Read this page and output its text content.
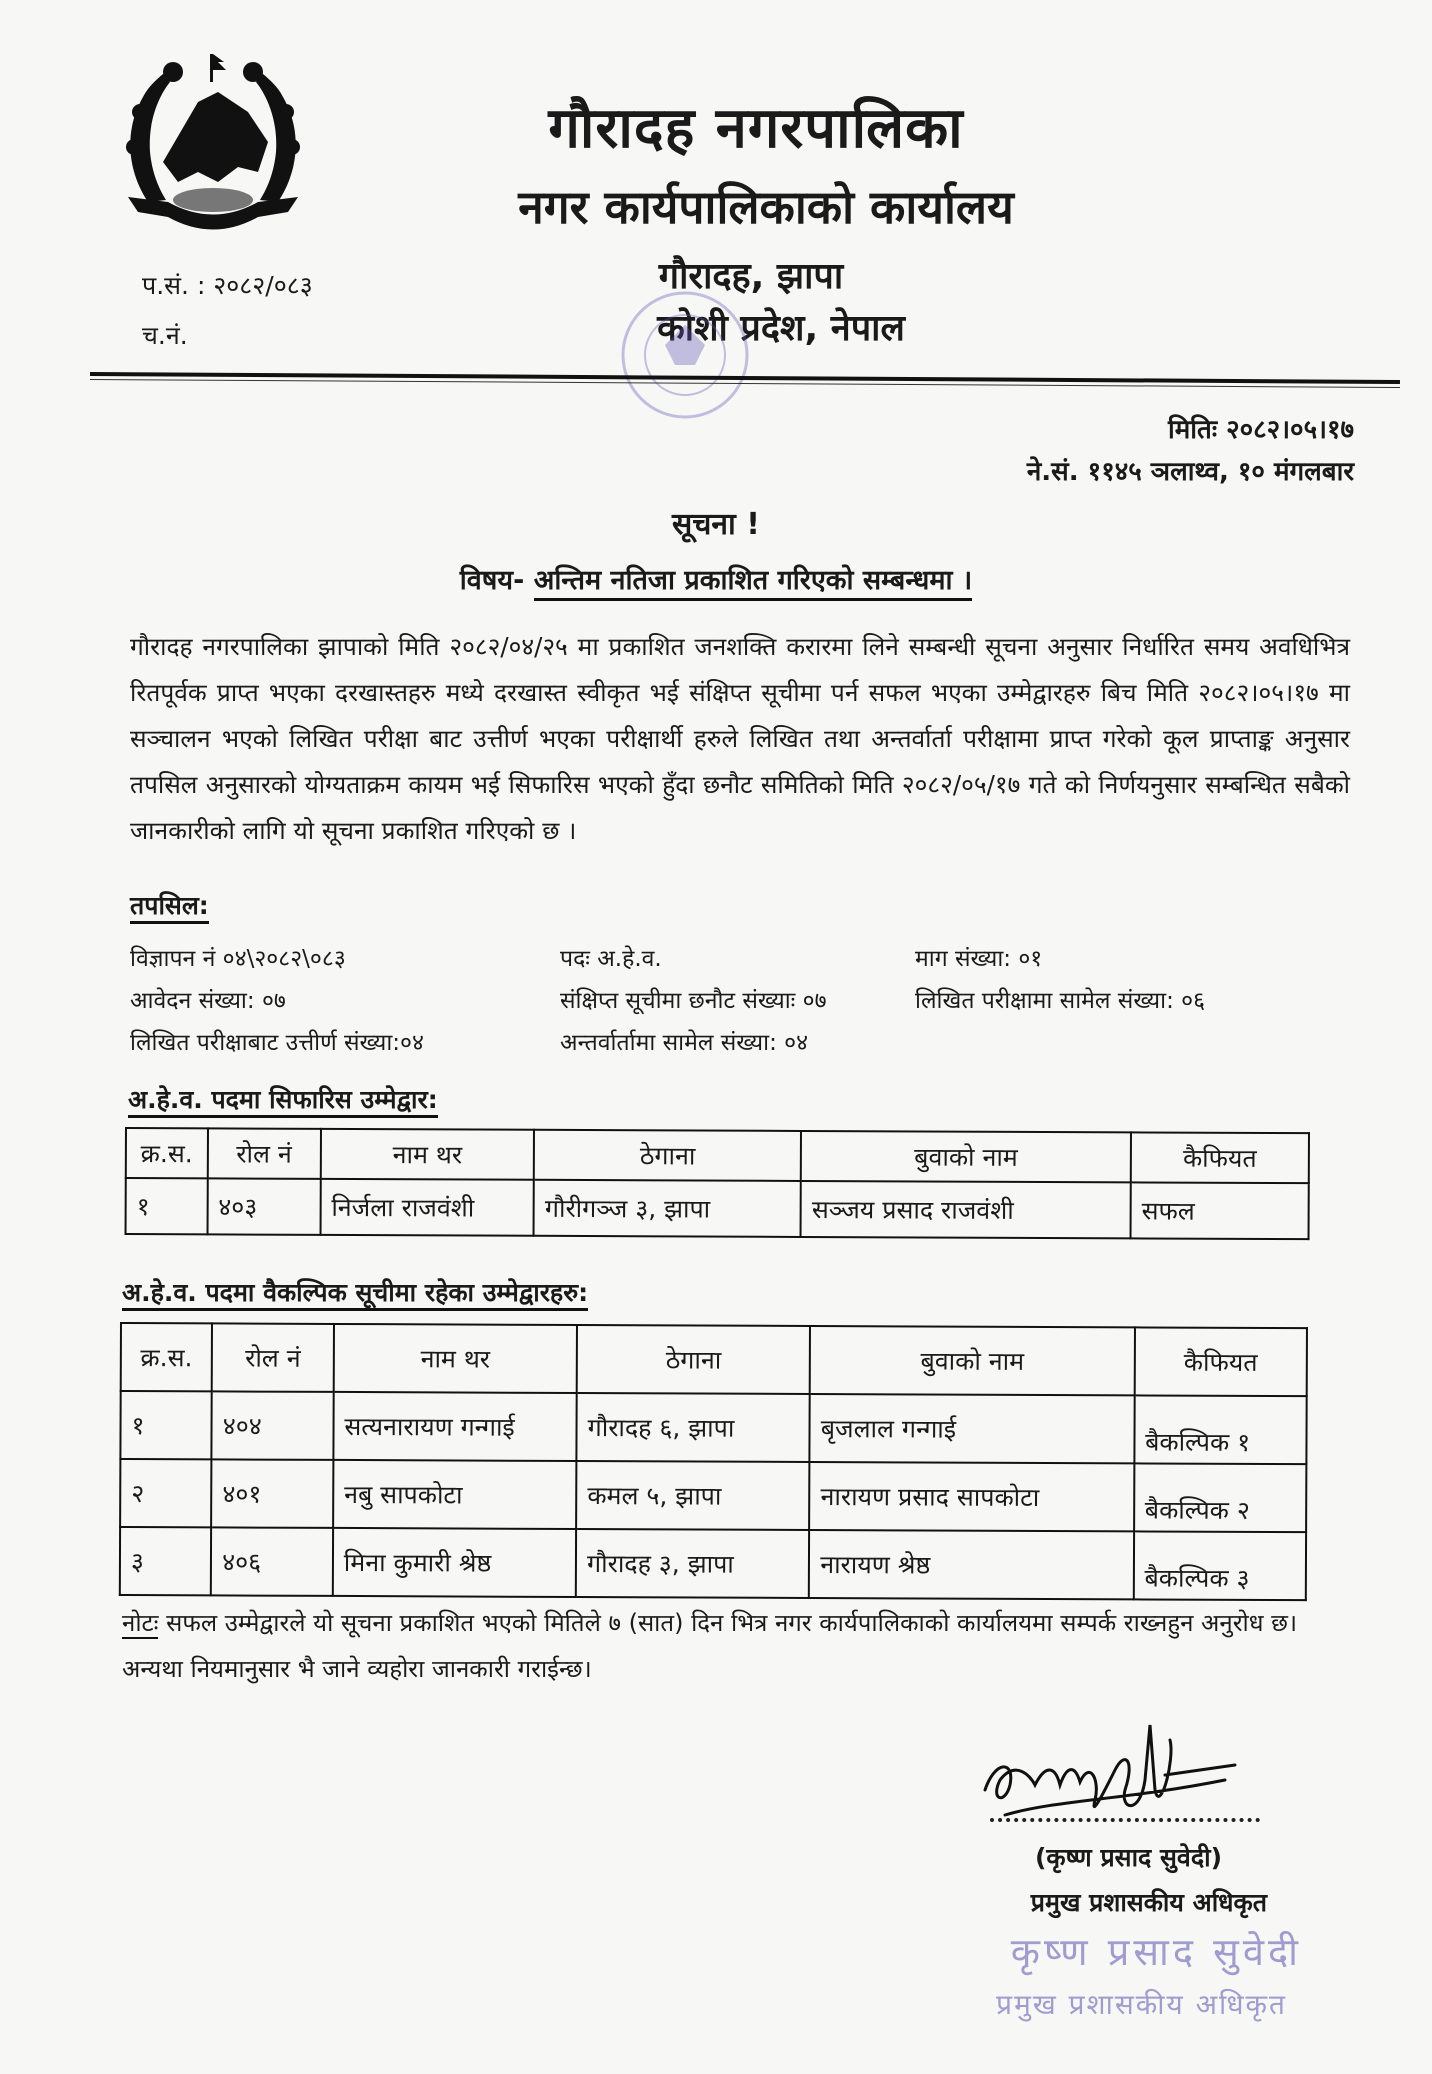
गौरादह नगरपालिका
नगर कार्यपालिकाको कार्यालय
गौरादह, झापा
कोशी प्रदेश, नेपाल
प.सं. : २०८२/०८३
च.नं.
मितिः २०८२।०५।१७
ने.सं. ११४५ ञलाथ्व, १० मंगलबार
सूचना !
विषय- अन्तिम नतिजा प्रकाशित गरिएको सम्बन्धमा ।
गौरादह नगरपालिका झापाको मिति २०८२/०४/२५ मा प्रकाशित जनशक्ति करारमा लिने सम्बन्धी सूचना अनुसार निर्धारित समय अवधिभित्र रितपूर्वक प्राप्त भएका दरखास्तहरु मध्ये दरखास्त स्वीकृत भई संक्षिप्त सूचीमा पर्न सफल भएका उम्मेद्वारहरु बिच मिति २०८२।०५।१७ मा सञ्चालन भएको लिखित परीक्षा बाट उत्तीर्ण भएका परीक्षार्थी हरुले लिखित तथा अन्तर्वार्ता परीक्षामा प्राप्त गरेको कूल प्राप्ताङ्क अनुसार तपसिल अनुसारको योग्यताक्रम कायम भई सिफारिस भएको हुँदा छनौट समितिको मिति २०८२/०५/१७ गते को निर्णयनुसार सम्बन्धित सबैको जानकारीको लागि यो सूचना प्रकाशित गरिएको छ ।
तपसिल:
विज्ञापन नं ०४\२०८२\०८३	पदः अ.हे.व.	माग संख्या: ०१
आवेदन संख्या: ०७	संक्षिप्त सूचीमा छनौट संख्याः ०७	लिखित परीक्षामा सामेल संख्या: ०६
लिखित परीक्षाबाट उत्तीर्ण संख्या:०४	अन्तर्वार्तामा सामेल संख्या: ०४
अ.हे.व. पदमा सिफारिस उम्मेद्वार:
क्र.स.	रोल नं	नाम थर	ठेगाना	बुवाको नाम	कैफियत
१	४०३	निर्जला राजवंशी	गौरीगञ्ज ३, झापा	सञ्जय प्रसाद राजवंशी	सफल
अ.हे.व. पदमा वैकल्पिक सूचीमा रहेका उम्मेद्वारहरु:
क्र.स.	रोल नं	नाम थर	ठेगाना	बुवाको नाम	कैफियत
१	४०४	सत्यनारायण गन्गाई	गौरादह ६, झापा	बृजलाल गन्गाई	बैकल्पिक १
२	४०१	नबु सापकोटा	कमल ५, झापा	नारायण प्रसाद सापकोटा	बैकल्पिक २
३	४०६	मिना कुमारी श्रेष्ठ	गौरादह ३, झापा	नारायण श्रेष्ठ	बैकल्पिक ३
नोटः सफल उम्मेद्वारले यो सूचना प्रकाशित भएको मितिले ७ (सात) दिन भित्र नगर कार्यपालिकाको कार्यालयमा सम्पर्क राख्नहुन अनुरोध छ। अन्यथा नियमानुसार भै जाने व्यहोरा जानकारी गराईन्छ।
(कृष्ण प्रसाद सुवेदी)
प्रमुख प्रशासकीय अधिकृत
कृष्ण प्रसाद सुवेदी
प्रमुख प्रशासकीय अधिकृत
